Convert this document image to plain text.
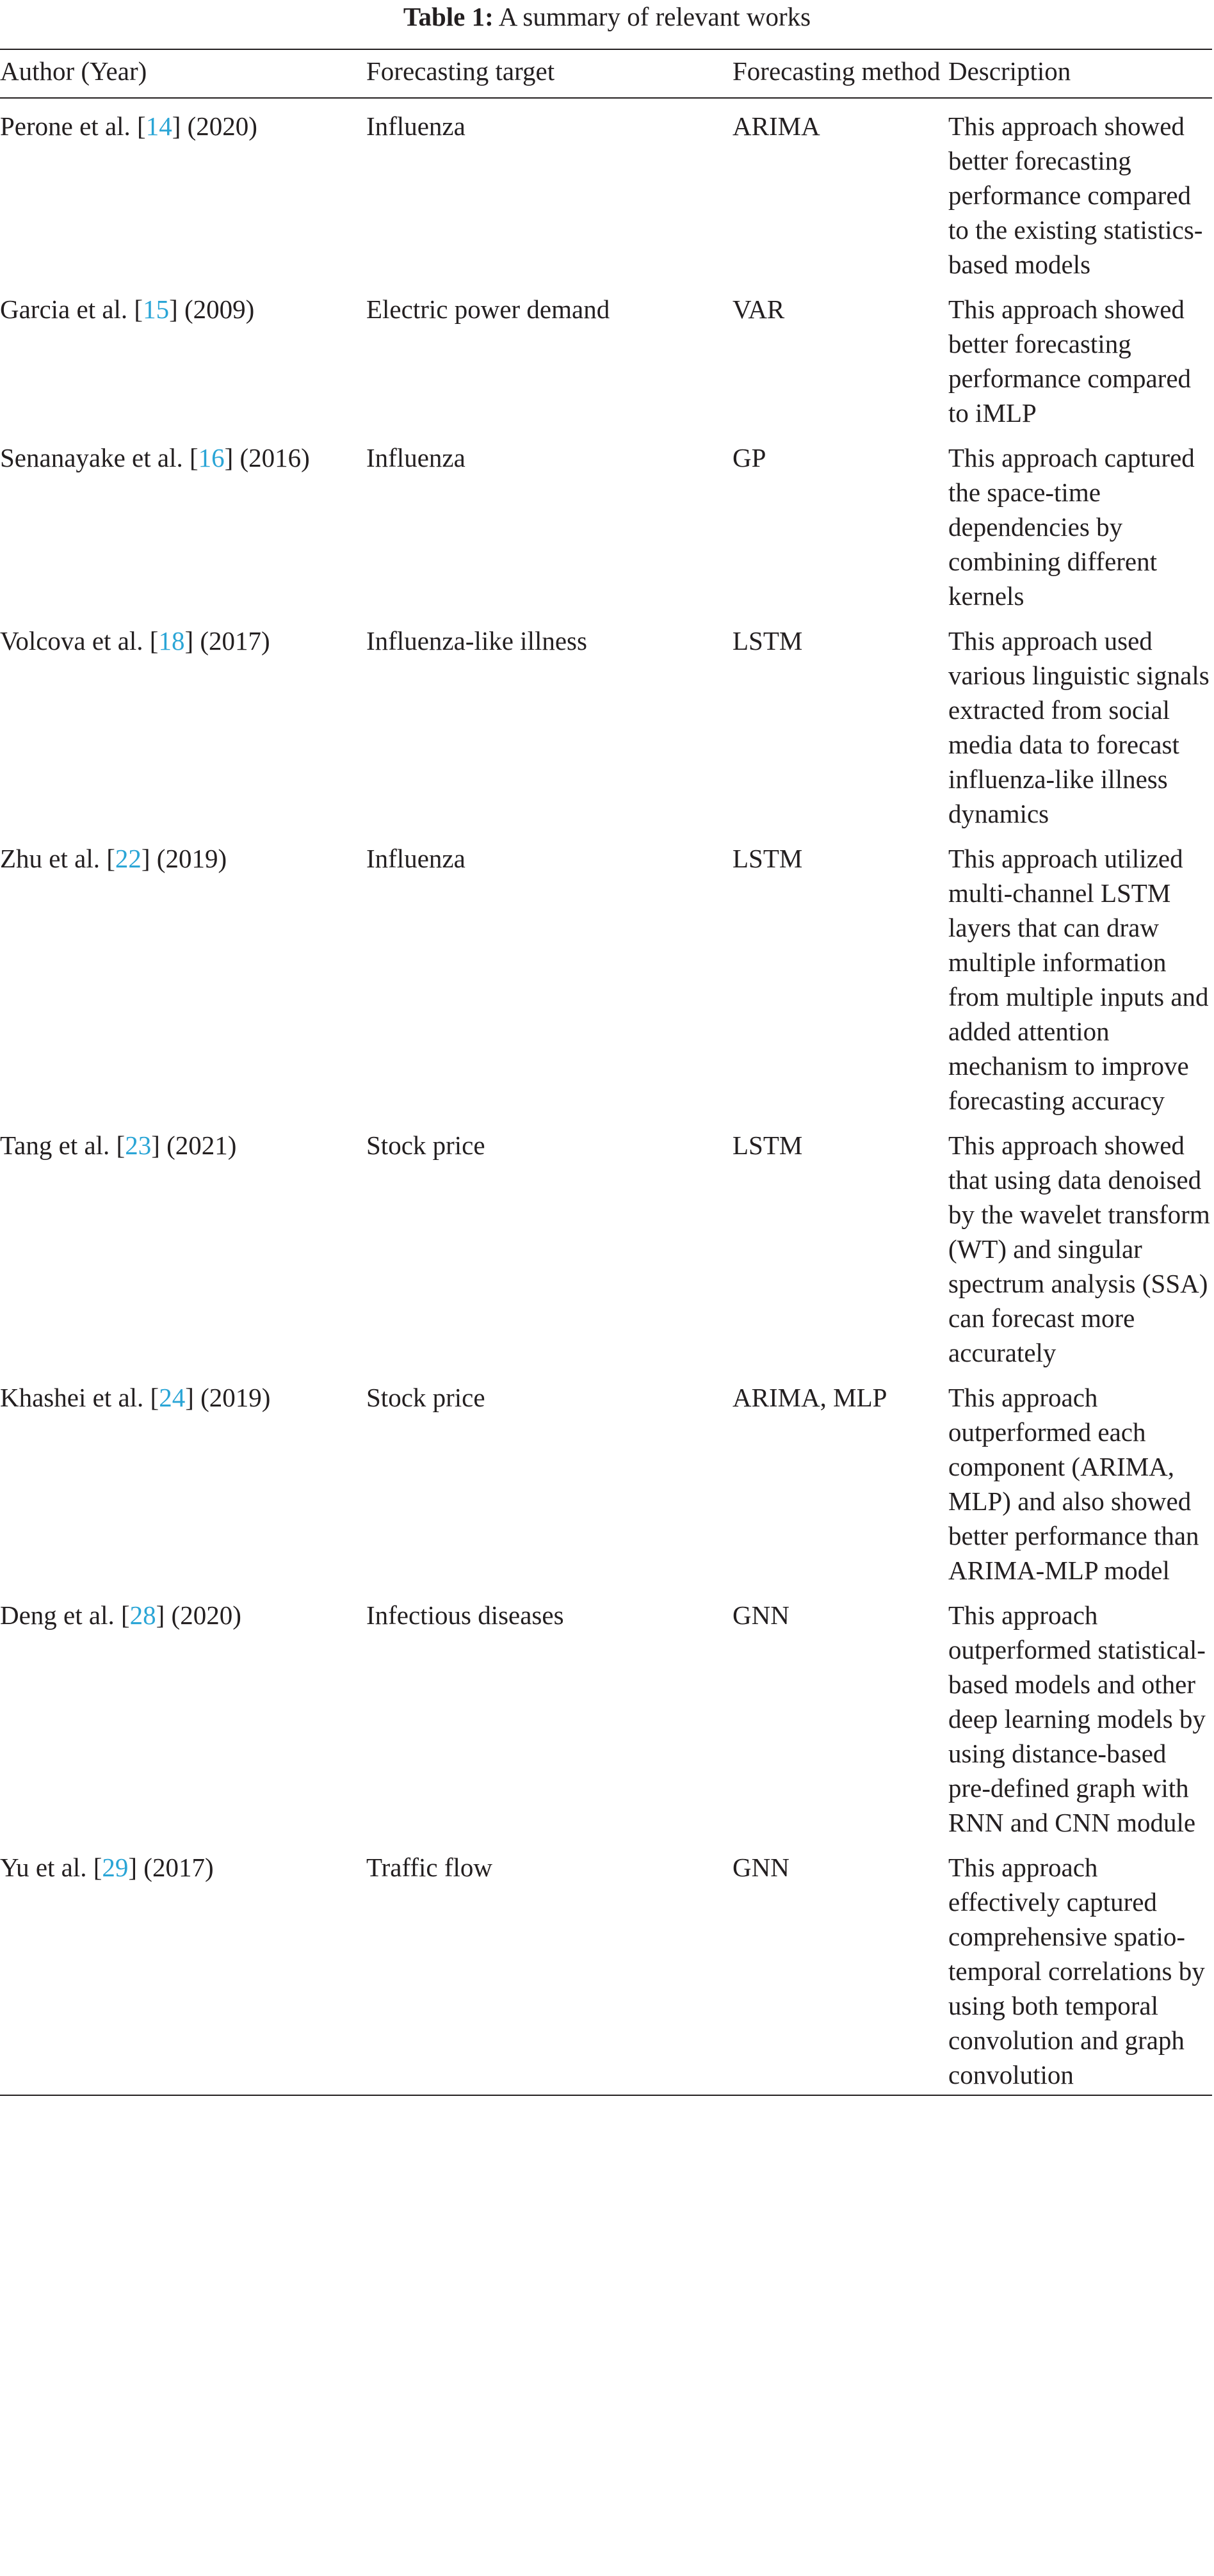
Table 1: A summary of relevant works
Author (Year)	Forecasting target	Forecasting method	Description
Perone et al. [14] (2020)	Influenza	ARIMA	This approach showed better forecasting performance compared to the existing statistics-based models
Garcia et al. [15] (2009)	Electric power demand	VAR	This approach showed better forecasting performance compared to iMLP
Senanayake et al. [16] (2016)	Influenza	GP	This approach captured the space-time dependencies by combining different kernels
Volcova et al. [18] (2017)	Influenza-like illness	LSTM	This approach used various linguistic signals extracted from social media data to forecast influenza-like illness dynamics
Zhu et al. [22] (2019)	Influenza	LSTM	This approach utilized multi-channel LSTM layers that can draw multiple information from multiple inputs and added attention mechanism to improve forecasting accuracy
Tang et al. [23] (2021)	Stock price	LSTM	This approach showed that using data denoised by the wavelet transform (WT) and singular spectrum analysis (SSA) can forecast more accurately
Khashei et al. [24] (2019)	Stock price	ARIMA, MLP	This approach outperformed each component (ARIMA, MLP) and also showed better performance than ARIMA-MLP model
Deng et al. [28] (2020)	Infectious diseases	GNN	This approach outperformed statistical-based models and other deep learning models by using distance-based pre-defined graph with RNN and CNN module
Yu et al. [29] (2017)	Traffic flow	GNN	This approach effectively captured comprehensive spatio-temporal correlations by using both temporal convolution and graph convolution
